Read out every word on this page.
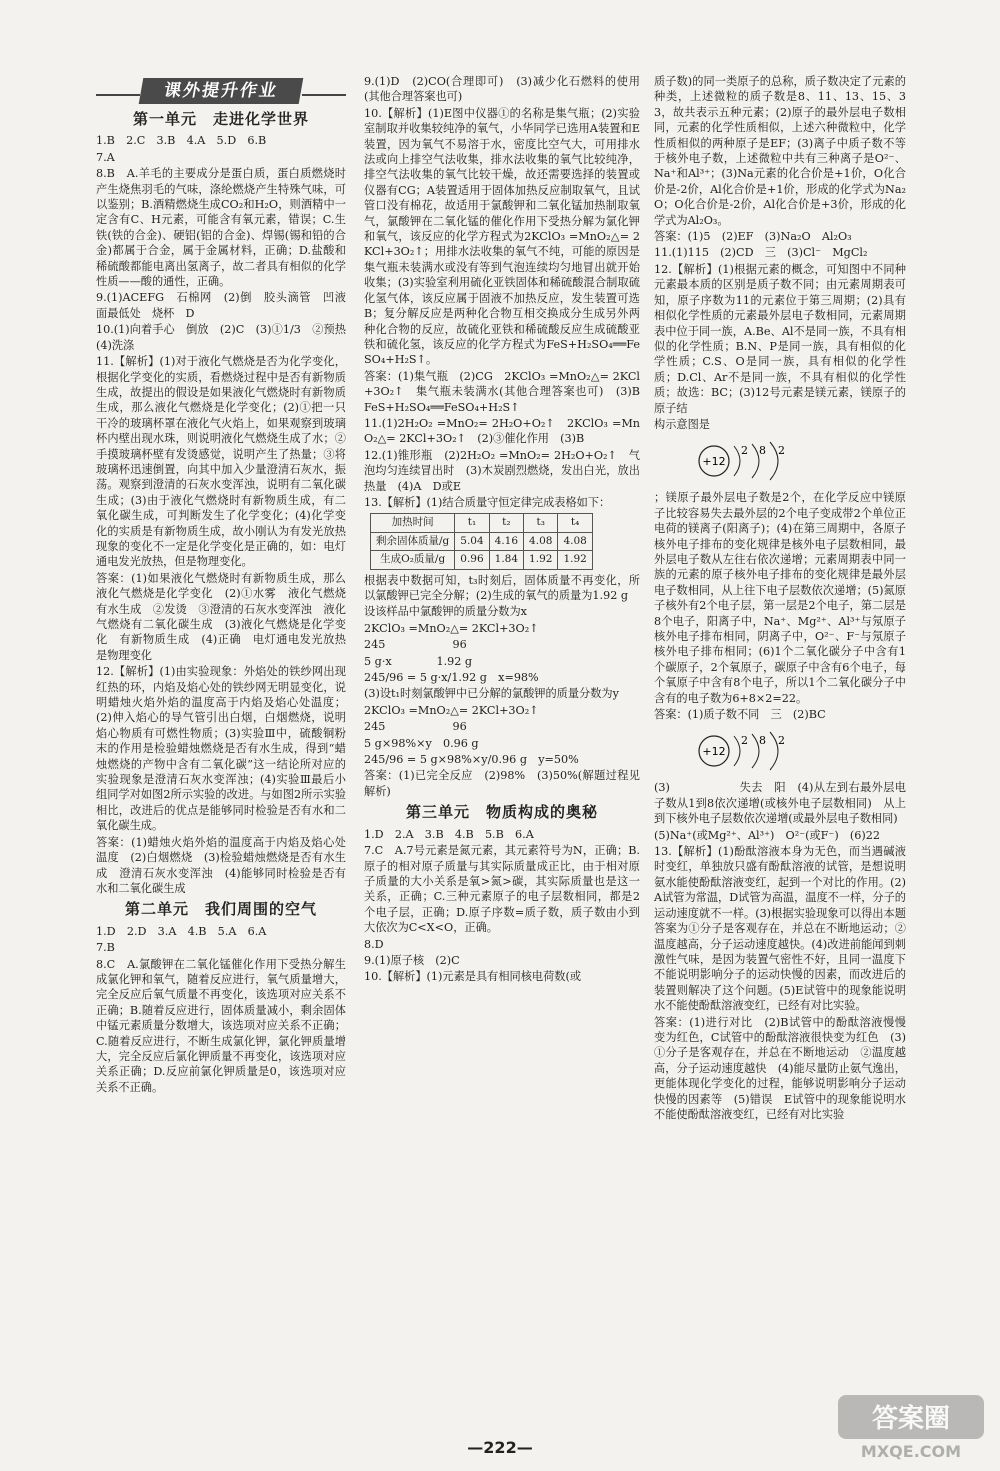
课外提升作业
第一单元　走进化学世界

1.B　2.C　3.B　4.A　5.D　6.B

7.A

8.B　A.羊毛的主要成分是蛋白质，蛋白质燃烧时产生烧焦羽毛的气味，涤纶燃烧产生特殊气味，可以鉴别；B.酒精燃烧生成CO₂和H₂O，则酒精中一定含有C、H元素，可能含有氧元素，错误；C.生铁(铁的合金)、硬铝(铝的合金)、焊锡(锡和铅的合金)都属于合金，属于金属材料，正确；D.盐酸和稀硫酸都能电离出氢离子，故二者具有相似的化学性质——酸的通性，正确。

9.(1)ACEFG　石棉网　(2)倒　胶头滴管　凹液面最低处　烧杯　D

10.(1)向着手心　倒放　(2)C　(3)①1/3　②预热　(4)洗涤

11.【解析】(1)对于液化气燃烧是否为化学变化，根据化学变化的实质，看燃烧过程中是否有新物质生成，故提出的假设是如果液化气燃烧时有新物质生成，那么液化气燃烧是化学变化；(2)①把一只干冷的玻璃杯罩在液化气火焰上，如果观察到玻璃杯内壁出现水珠，则说明液化气燃烧生成了水；②手摸玻璃杯壁有发烫感觉，说明产生了热量；③将玻璃杯迅速倒置，向其中加入少量澄清石灰水，振荡。观察到澄清的石灰水变浑浊，说明有二氧化碳生成；(3)由于液化气燃烧时有新物质生成，有二氧化碳生成，可判断发生了化学变化；(4)化学变化的实质是有新物质生成，故小刚认为有发光放热现象的变化不一定是化学变化是正确的，如：电灯通电发光放热，但是物理变化。

答案：(1)如果液化气燃烧时有新物质生成，那么液化气燃烧是化学变化　(2)①水雾　液化气燃烧有水生成　②发烫　③澄清的石灰水变浑浊　液化气燃烧有二氧化碳生成　(3)液化气燃烧是化学变化　有新物质生成　(4)正确　电灯通电发光放热是物理变化

12.【解析】(1)由实验现象：外焰处的铁纱网出现红热的环，内焰及焰心处的铁纱网无明显变化，说明蜡烛火焰外焰的温度高于内焰及焰心处温度；(2)伸入焰心的导气管引出白烟，白烟燃烧，说明焰心物质有可燃性物质；(3)实验Ⅲ中，硫酸铜粉末的作用是检验蜡烛燃烧是否有水生成，得到“蜡烛燃烧的产物中含有二氧化碳”这一结论所对应的实验现象是澄清石灰水变浑浊；(4)实验Ⅲ最后小组同学对如图2所示实验的改进。与如图2所示实验相比，改进后的优点是能够同时检验是否有水和二氧化碳生成。

答案：(1)蜡烛火焰外焰的温度高于内焰及焰心处温度　(2)白烟燃烧　(3)检验蜡烛燃烧是否有水生成　澄清石灰水变浑浊　(4)能够同时检验是否有水和二氧化碳生成

第二单元　我们周围的空气

1.D　2.D　3.A　4.B　5.A　6.A

7.B

8.C　A.氯酸钾在二氧化锰催化作用下受热分解生成氯化钾和氧气，随着反应进行，氧气质量增大，完全反应后氧气质量不再变化，该选项对应关系不正确；B.随着反应进行，固体质量减小，剩余固体中锰元素质量分数增大，该选项对应关系不正确；C.随着反应进行，不断生成氯化钾，氯化钾质量增大，完全反应后氯化钾质量不再变化，该选项对应关系正确；D.反应前氯化钾质量是0，该选项对应关系不正确。

9.(1)D　(2)CO(合理即可)　(3)减少化石燃料的使用(其他合理答案也可)

10.【解析】(1)E图中仪器①的名称是集气瓶；(2)实验室制取并收集较纯净的氧气，小华同学已选用A装置和E装置，因为氧气不易溶于水，密度比空气大，可用排水法或向上排空气法收集，排水法收集的氧气比较纯净，排空气法收集的氧气比较干燥，故还需要选择的装置或仪器有CG；A装置适用于固体加热反应制取氧气，且试管口没有棉花，故适用于氯酸钾和二氧化锰加热制取氧气，氯酸钾在二氧化锰的催化作用下受热分解为氯化钾和氧气，该反应的化学方程式为2KClO₃ =MnO₂△= 2KCl+3O₂↑；用排水法收集的氧气不纯，可能的原因是集气瓶未装满水或没有等到气泡连续均匀地冒出就开始收集；(3)实验室利用硫化亚铁固体和稀硫酸混合制取硫化氢气体，该反应属于固液不加热反应，发生装置可选B；复分解反应是两种化合物互相交换成分生成另外两种化合物的反应，故硫化亚铁和稀硫酸反应生成硫酸亚铁和硫化氢，该反应的化学方程式为FeS+H₂SO₄══FeSO₄+H₂S↑。

答案：(1)集气瓶　(2)CG　2KClO₃ =MnO₂△= 2KCl+3O₂↑　集气瓶未装满水(其他合理答案也可)　(3)B　FeS+H₂SO₄══FeSO₄+H₂S↑

11.(1)2H₂O₂ =MnO₂= 2H₂O+O₂↑　2KClO₃ =MnO₂△= 2KCl+3O₂↑　(2)③催化作用　(3)B

12.(1)锥形瓶　(2)2H₂O₂ =MnO₂= 2H₂O+O₂↑　气泡均匀连续冒出时　(3)木炭剧烈燃烧，发出白光，放出热量　(4)A　D或E

13.【解析】(1)结合质量守恒定律完成表格如下：

加热时间	t₁	t₂	t₃	t₄
剩余固体质量/g	5.04	4.16	4.08	4.08
生成O₂质量/g	0.96	1.84	1.92	1.92

根据表中数据可知，t₃时刻后，固体质量不再变化，所以氯酸钾已完全分解；(2)生成的氧气的质量为1.92 g

设该样品中氯酸钾的质量分数为x

2KClO₃ =MnO₂△= 2KCl+3O₂↑

245　　　　　　96

5 g·x　　　　1.92 g

245/96 = 5 g·x/1.92 g　x=98%

(3)设t₁时刻氯酸钾中已分解的氯酸钾的质量分数为y

2KClO₃ =MnO₂△= 2KCl+3O₂↑

245　　　　　　96

5 g×98%×y　0.96 g

245/96 = 5 g×98%×y/0.96 g　y=50%

答案：(1)已完全反应　(2)98%　(3)50%(解题过程见解析)

第三单元　物质构成的奥秘

1.D　2.A　3.B　4.B　5.B　6.A

7.C　A.7号元素是氮元素，其元素符号为N，正确；B.原子的相对原子质量与其实际质量成正比，由于相对原子质量的大小关系是氧>氮>碳，其实际质量也是这一关系，正确；C.三种元素原子的电子层数相同，都是2个电子层，正确；D.原子序数=质子数，质子数由小到大依次为C<X<O，正确。

8.D

9.(1)原子核　(2)C

10.【解析】(1)元素是具有相同核电荷数(或

质子数)的同一类原子的总称，质子数决定了元素的种类，上述微粒的质子数是8、11、13、15、33，故共表示五种元素；(2)原子的最外层电子数相同，元素的化学性质相似，上述六种微粒中，化学性质相似的两种原子是EF；(3)离子中质子数不等于核外电子数，上述微粒中共有三种离子是O²⁻、Na⁺和Al³⁺；(3)Na元素的化合价是+1价，O化合价是-2价，Al化合价是+1价，形成的化学式为Na₂O；O化合价是-2价，Al化合价是+3价，形成的化学式为Al₂O₃。

答案：(1)5　(2)EF　(3)Na₂O　Al₂O₃

11.(1)115　(2)CD　三　(3)Cl⁻　MgCl₂

12.【解析】(1)根据元素的概念，可知图中不同种元素最本质的区别是质子数不同；由元素周期表可知，原子序数为11的元素位于第三周期；(2)具有相似化学性质的元素最外层电子数相同，元素周期表中位于同一族，A.Be、Al不是同一族，不具有相似的化学性质；B.N、P是同一族，具有相似的化学性质；C.S、O是同一族，具有相似的化学性质；D.Cl、Ar不是同一族，不具有相似的化学性质；故选：BC；(3)12号元素是镁元素，镁原子的原子结

构示意图是

+12
2 8 2

；镁原子最外层电子数是2个，在化学反应中镁原子比较容易失去最外层的2个电子变成带2个单位正电荷的镁离子(阳离子)；(4)在第三周期中，各原子核外电子排布的变化规律是核外电子层数相同，最外层电子数从左往右依次递增；元素周期表中同一族的元素的原子核外电子排布的变化规律是最外层电子数相同，从上往下电子层数依次递增；(5)氮原子核外有2个电子层，第一层是2个电子，第二层是8个电子，阳离子中，Na⁺、Mg²⁺、Al³⁺与氖原子核外电子排布相同，阴离子中，O²⁻、F⁻与氖原子核外电子排布相同；(6)1个二氧化碳分子中含有1个碳原子，2个氧原子，碳原子中含有6个电子，每个氧原子中含有8个电子，所以1个二氧化碳分子中含有的电子数为6+8×2=22。

答案：(1)质子数不同　三　(2)BC

+12
2 8 2

(3)　　　　　　失去　阳　(4)从左到右最外层电子数从1到8依次递增(或核外电子层数相同)　从上到下核外电子层数依次递增(或最外层电子数相同)

(5)Na⁺(或Mg²⁺、Al³⁺)　O²⁻(或F⁻)　(6)22

13.【解析】(1)酚酞溶液本身为无色，而当遇碱液时变红，单独放只盛有酚酞溶液的试管，是想说明氨水能使酚酞溶液变红，起到一个对比的作用。(2)A试管为常温，D试管为高温，温度不一样，分子的运动速度就不一样。(3)根据实验现象可以得出本题答案为①分子是客观存在，并总在不断地运动；②温度越高，分子运动速度越快。(4)改进前能闻到刺激性气味，是因为装置气密性不好，且同一温度下不能说明影响分子的运动快慢的因素，而改进后的装置则解决了这个问题。(5)E试管中的现象能说明水不能使酚酞溶液变红，已经有对比实验。

答案：(1)进行对比　(2)B试管中的酚酞溶液慢慢变为红色，C试管中的酚酞溶液很快变为红色　(3)①分子是客观存在，并总在不断地运动　②温度越高，分子运动速度越快　(4)能尽量防止氨气逸出，更能体现化学变化的过程，能够说明影响分子运动快慢的因素等　(5)错误　E试管中的现象能说明水不能使酚酞溶液变红，已经有对比实验

—222—
答案圈
MXQE.COM
